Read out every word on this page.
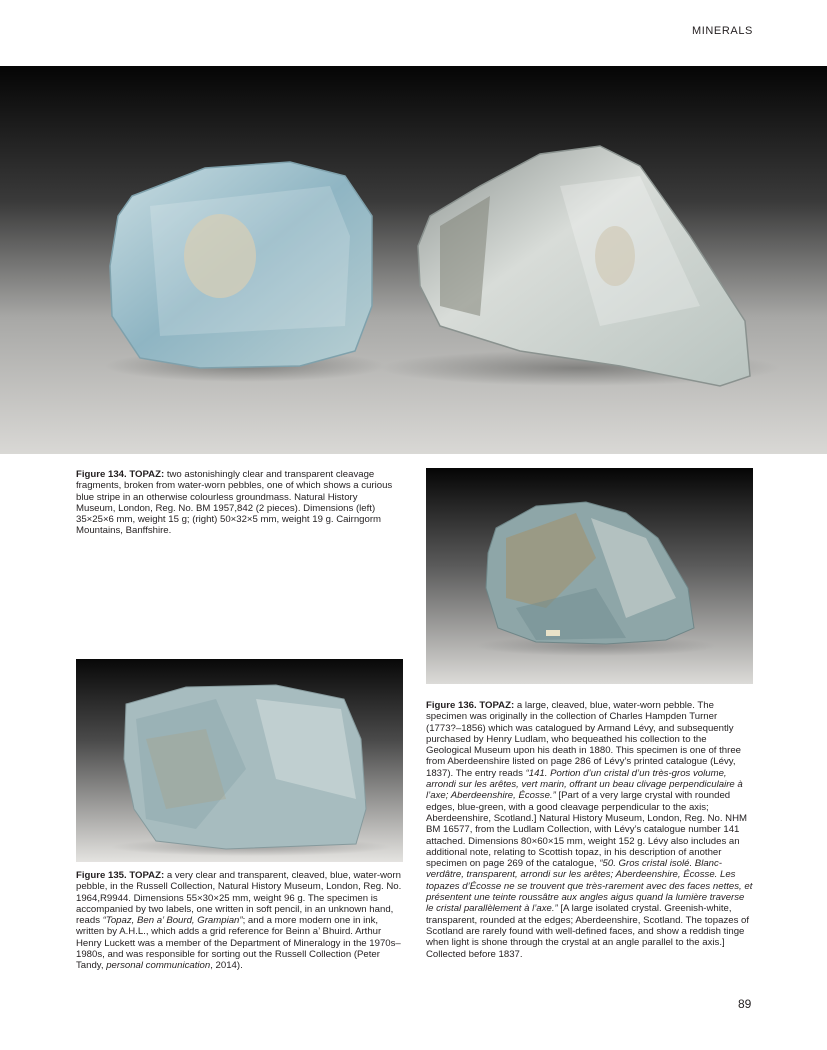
MINERALS
Figure 134. TOPAZ: two astonishingly clear and transparent cleavage fragments, broken from water-worn pebbles, one of which shows a curious blue stripe in an otherwise colourless groundmass. Natural History Museum, London, Reg. No. BM 1957,842 (2 pieces). Dimensions (left) 35×25×6 mm, weight 15 g; (right) 50×32×5 mm, weight 19 g. Cairngorm Mountains, Banffshire.
Figure 135. TOPAZ: a very clear and transparent, cleaved, blue, water-worn pebble, in the Russell Collection, Natural History Museum, London, Reg. No. 1964,R9944. Dimensions 55×30×25 mm, weight 96 g. The specimen is accompanied by two labels, one written in soft pencil, in an unknown hand, reads “Topaz, Ben a’ Bourd, Grampian”; and a more modern one in ink, written by A.H.L., which adds a grid reference for Beinn a’ Bhuird. Arthur Henry Luckett was a member of the Department of Mineralogy in the 1970s–1980s, and was responsible for sorting out the Russell Collection (Peter Tandy, personal communication, 2014).
Figure 136. TOPAZ: a large, cleaved, blue, water-worn pebble. The specimen was originally in the collection of Charles Hampden Turner (1773?–1856) which was catalogued by Armand Lévy, and subsequently purchased by Henry Ludlam, who bequeathed his collection to the Geological Museum upon his death in 1880. This specimen is one of three from Aberdeenshire listed on page 286 of Lévy’s printed catalogue (Lévy, 1837). The entry reads “141. Portion d’un cristal d’un très-gros volume, arrondi sur les arêtes, vert marin, offrant un beau clivage perpendiculaire à l’axe; Aberdeenshire, Écosse.” [Part of a very large crystal with rounded edges, blue-green, with a good cleavage perpendicular to the axis; Aberdeenshire, Scotland.] Natural History Museum, London, Reg. No. NHM BM 16577, from the Ludlam Collection, with Lévy’s catalogue number 141 attached. Dimensions 80×60×15 mm, weight 152 g. Lévy also includes an additional note, relating to Scottish topaz, in his description of another specimen on page 269 of the catalogue, “50. Gros cristal isolé. Blanc-verdâtre, transparent, arrondi sur les arêtes; Aberdeenshire, Écosse. Les topazes d’Écosse ne se trouvent que très-rarement avec des faces nettes, et présentent une teinte roussâtre aux angles aigus quand la lumière traverse le cristal parallèlement à l’axe.” [A large isolated crystal. Greenish-white, transparent, rounded at the edges; Aberdeenshire, Scotland. The topazes of Scotland are rarely found with well-defined faces, and show a reddish tinge when light is shone through the crystal at an angle parallel to the axis.] Collected before 1837.
89
